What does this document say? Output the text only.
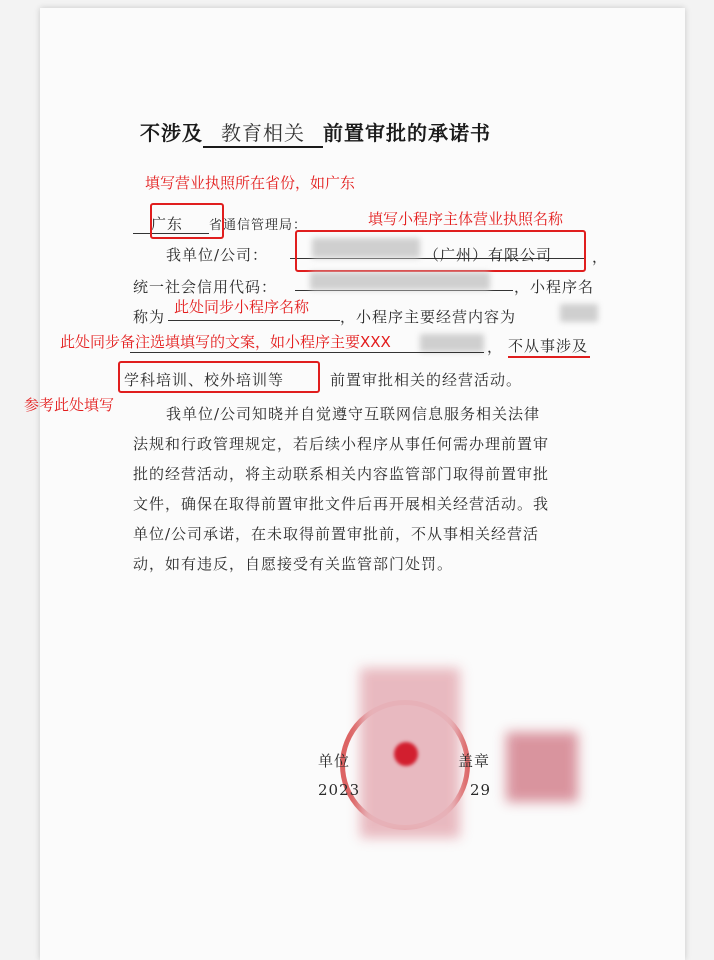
不涉及 教育相关 前置审批的承诺书
填写营业执照所在省份，如广东
广东 省通信管理局：	填写小程序主体营业执照名称
我单位/公司：	（广州）有限公司	，
统一社会信用代码：	，小程序名
称为
此处同步小程序名称
，小程序主要经营内容为
此处同步备注选填填写的文案，如小程序主要XXX	， 不从事涉及
学科培训、校外培训等	前置审批相关的经营活动。
参考此处填写	我单位/公司知晓并自觉遵守互联网信息服务相关法律
法规和行政管理规定，若后续小程序从事任何需办理前置审
批的经营活动，将主动联系相关内容监管部门取得前置审批
文件，确保在取得前置审批文件后再开展相关经营活动。我
单位/公司承诺，在未取得前置审批前，不从事相关经营活
动，如有违反，自愿接受有关监管部门处罚。
单位	盖章
2023	29
